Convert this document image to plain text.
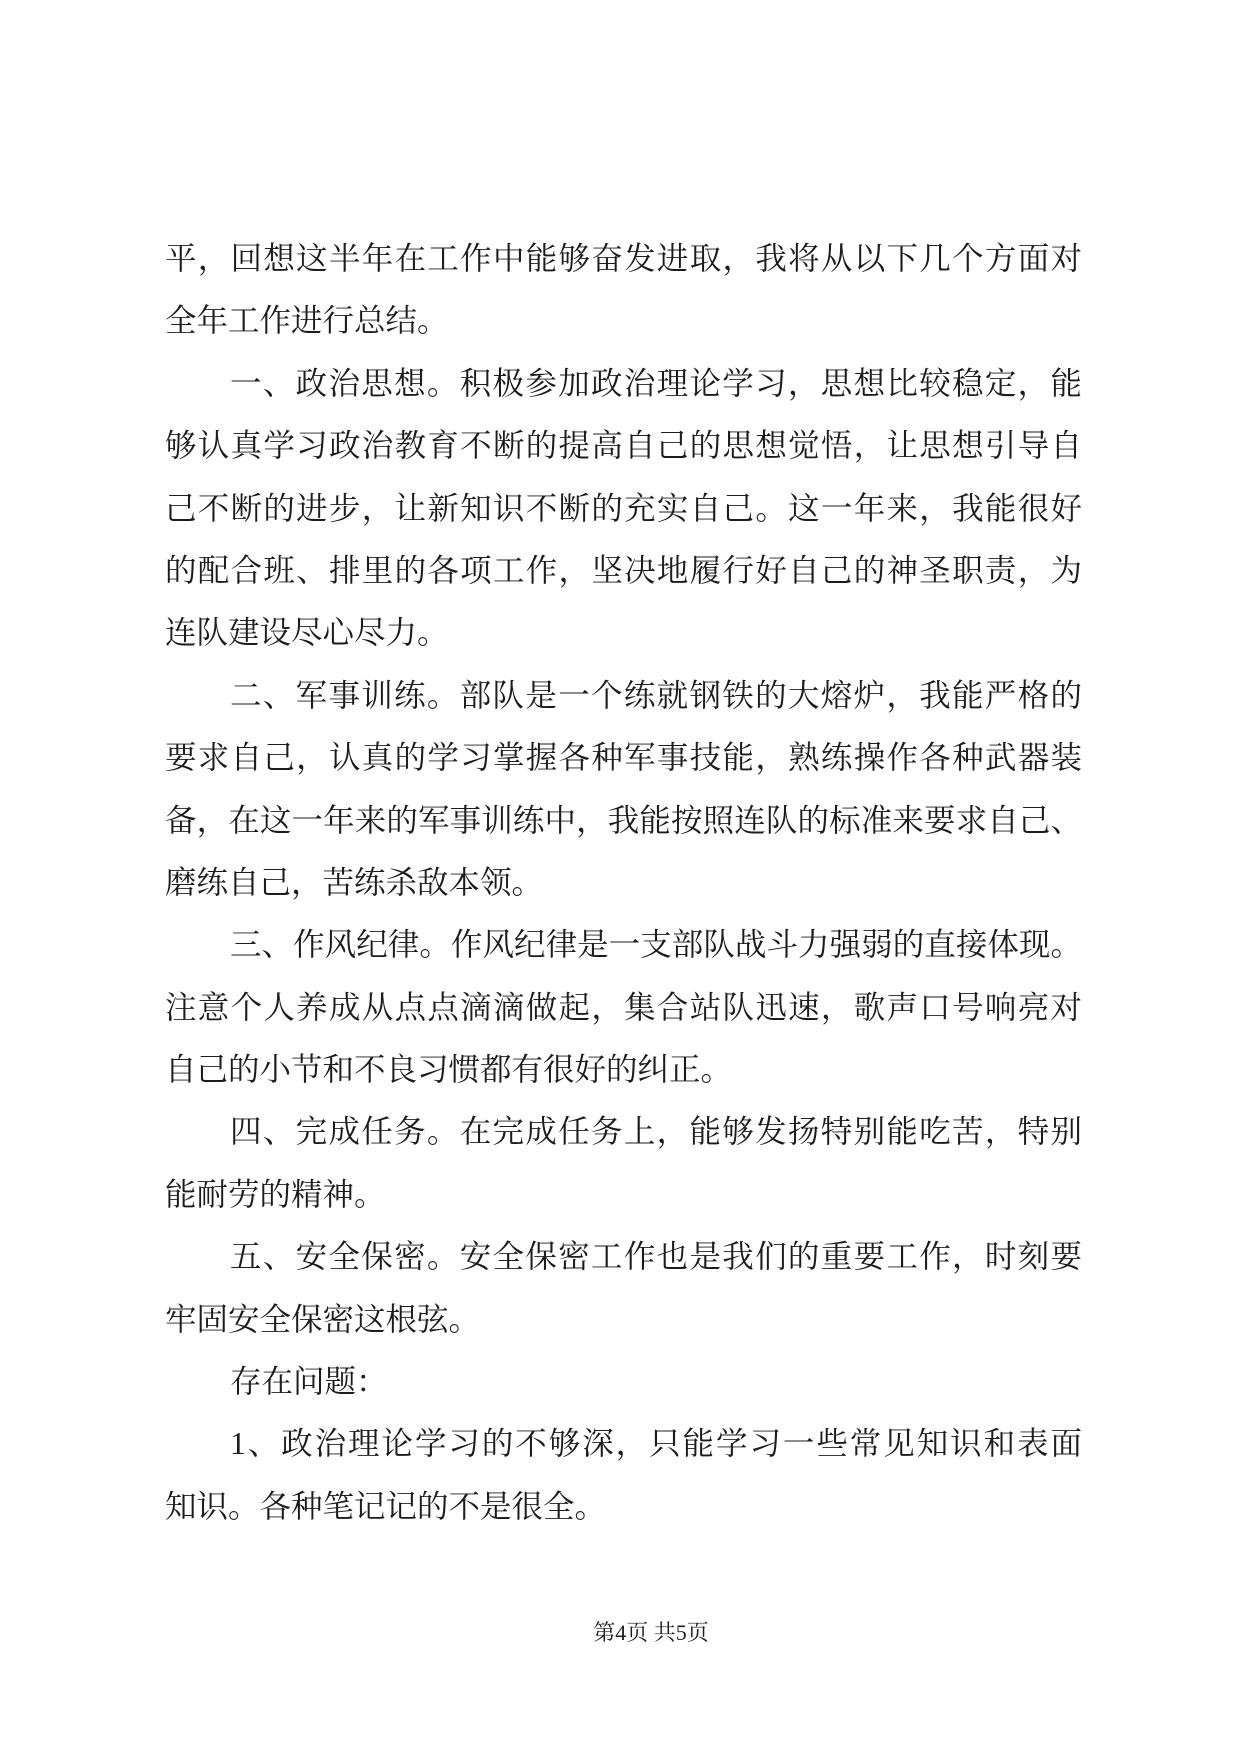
平，回想这半年在工作中能够奋发进取，我将从以下几个方面对
全年工作进行总结。
一、政治思想。积极参加政治理论学习，思想比较稳定，能
够认真学习政治教育不断的提高自己的思想觉悟，让思想引导自
己不断的进步，让新知识不断的充实自己。这一年来，我能很好
的配合班、排里的各项工作，坚决地履行好自己的神圣职责，为
连队建设尽心尽力。
二、军事训练。部队是一个练就钢铁的大熔炉，我能严格的
要求自己，认真的学习掌握各种军事技能，熟练操作各种武器装
备，在这一年来的军事训练中，我能按照连队的标准来要求自己、
磨练自己，苦练杀敌本领。
三、作风纪律。作风纪律是一支部队战斗力强弱的直接体现。
注意个人养成从点点滴滴做起，集合站队迅速，歌声口号响亮对
自己的小节和不良习惯都有很好的纠正。
四、完成任务。在完成任务上，能够发扬特别能吃苦，特别
能耐劳的精神。
五、安全保密。安全保密工作也是我们的重要工作，时刻要
牢固安全保密这根弦。
存在问题：
1、政治理论学习的不够深，只能学习一些常见知识和表面
知识。各种笔记记的不是很全。
第4页 共5页
